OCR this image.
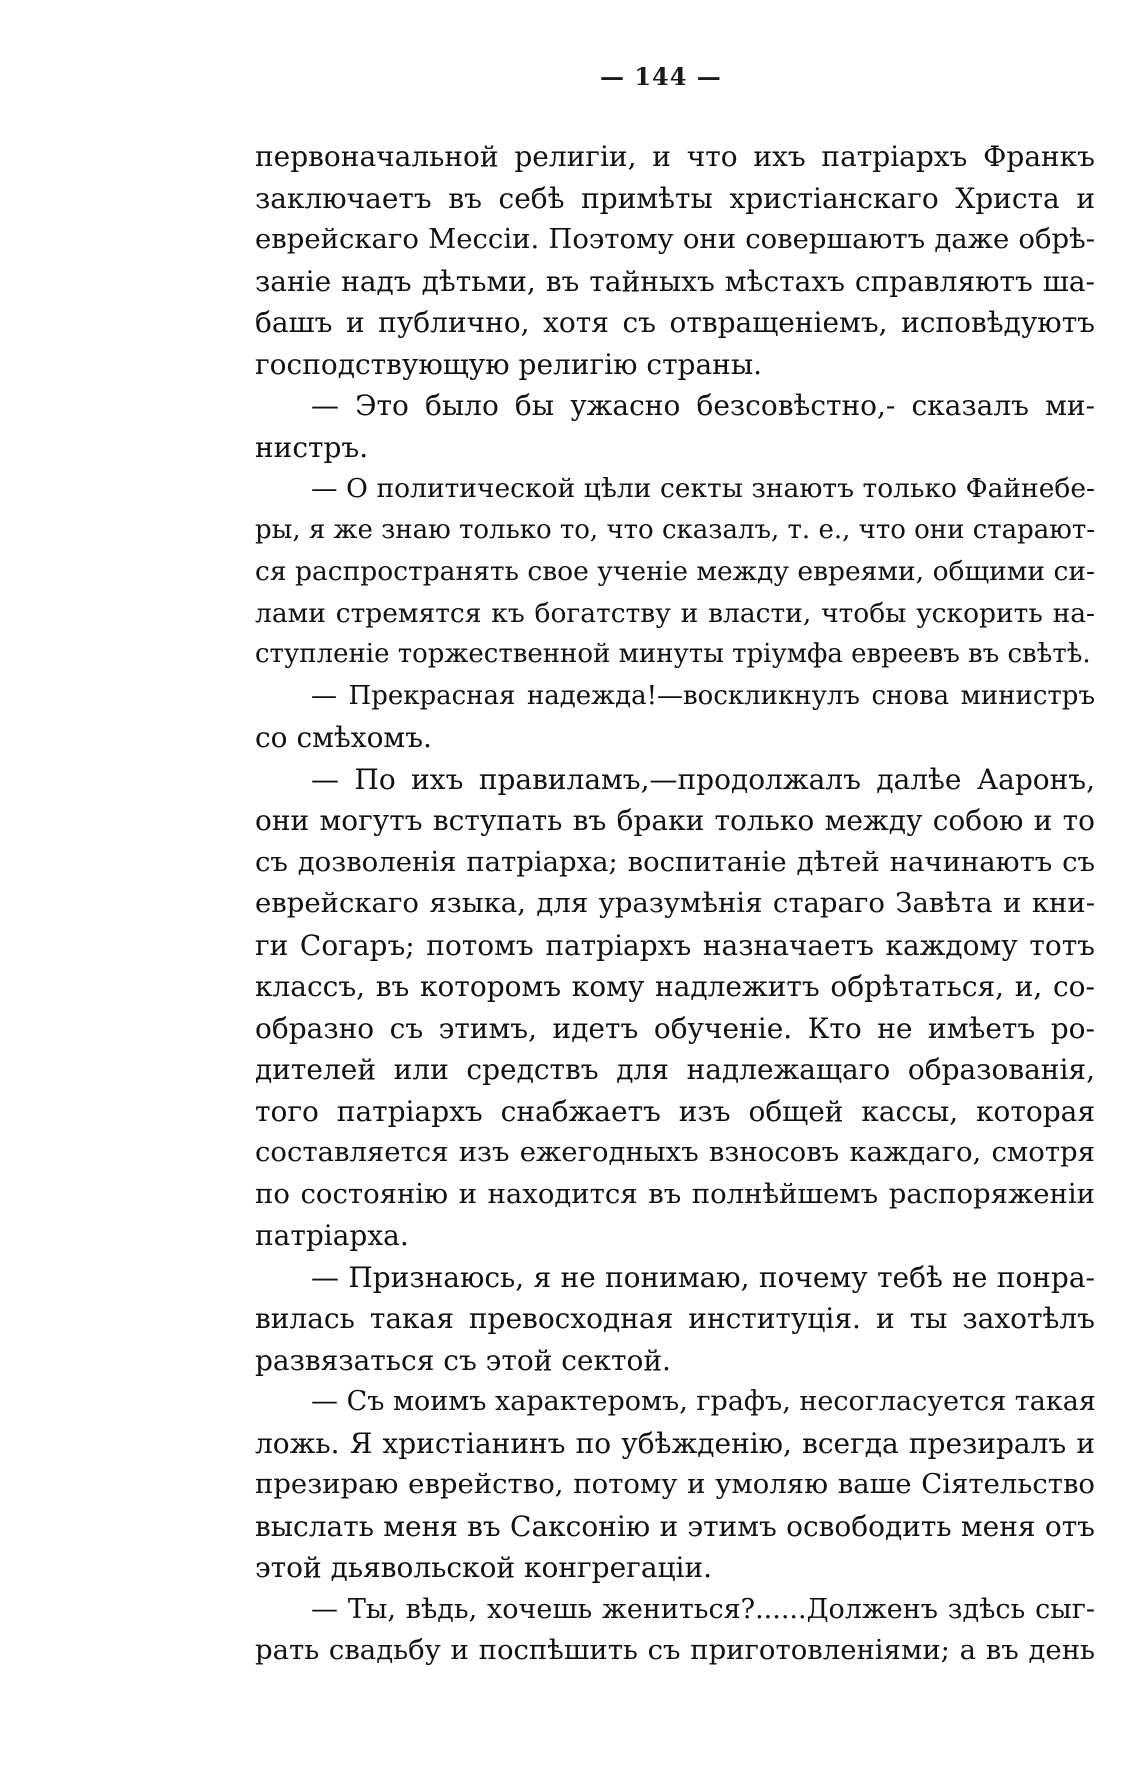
— 144 —
первоначальной религіи, и что ихъ патріархъ Франкъ
заключаетъ въ себѣ примѣты христіанскаго Христа и
еврейскаго Мессіи. Поэтому они совершаютъ даже обрѣ-
заніе надъ дѣтьми, въ тайныхъ мѣстахъ справляютъ ша-
башъ и публично, хотя съ отвращеніемъ, исповѣдуютъ
господствующую религію страны.
— Это было бы ужасно безсовѣстно,- сказалъ ми-
нистръ.
— О политической цѣли секты знаютъ только Файнебе-
ры, я же знаю только то, что сказалъ, т. е., что они старают-
ся распространять свое ученіе между евреями, общими си-
лами стремятся къ богатству и власти, чтобы ускорить на-
ступленіе торжественной минуты тріумфа евреевъ въ свѣтѣ.
— Прекрасная надежда!—воскликнулъ снова министръ
со смѣхомъ.
— По ихъ правиламъ,—продолжалъ далѣе Ааронъ,
они могутъ вступать въ браки только между собою и то
съ дозволенія патріарха; воспитаніе дѣтей начинаютъ съ
еврейскаго языка, для уразумѣнія стараго Завѣта и кни-
ги Согаръ; потомъ патріархъ назначаетъ каждому тотъ
классъ, въ которомъ кому надлежитъ обрѣтаться, и, со-
образно съ этимъ, идетъ обученіе. Кто не имѣетъ ро-
дителей или средствъ для надлежащаго образованія,
того патріархъ снабжаетъ изъ общей кассы, которая
составляется изъ ежегодныхъ взносовъ каждаго, смотря
по состоянію и находится въ полнѣйшемъ распоряженіи
патріарха.
— Признаюсь, я не понимаю, почему тебѣ не понра-
вилась такая превосходная институція. и ты захотѣлъ
развязаться съ этой сектой.
— Съ моимъ характеромъ, графъ, несогласуется такая
ложь. Я христіанинъ по убѣжденію, всегда презиралъ и
презираю еврейство, потому и умоляю ваше Сіятельство
выслать меня въ Саксонію и этимъ освободить меня отъ
этой дьявольской конгрегаціи.
— Ты, вѣдь, хочешь жениться?......Долженъ здѣсь сыг-
рать свадьбу и поспѣшить съ приготовленіями; а въ день
